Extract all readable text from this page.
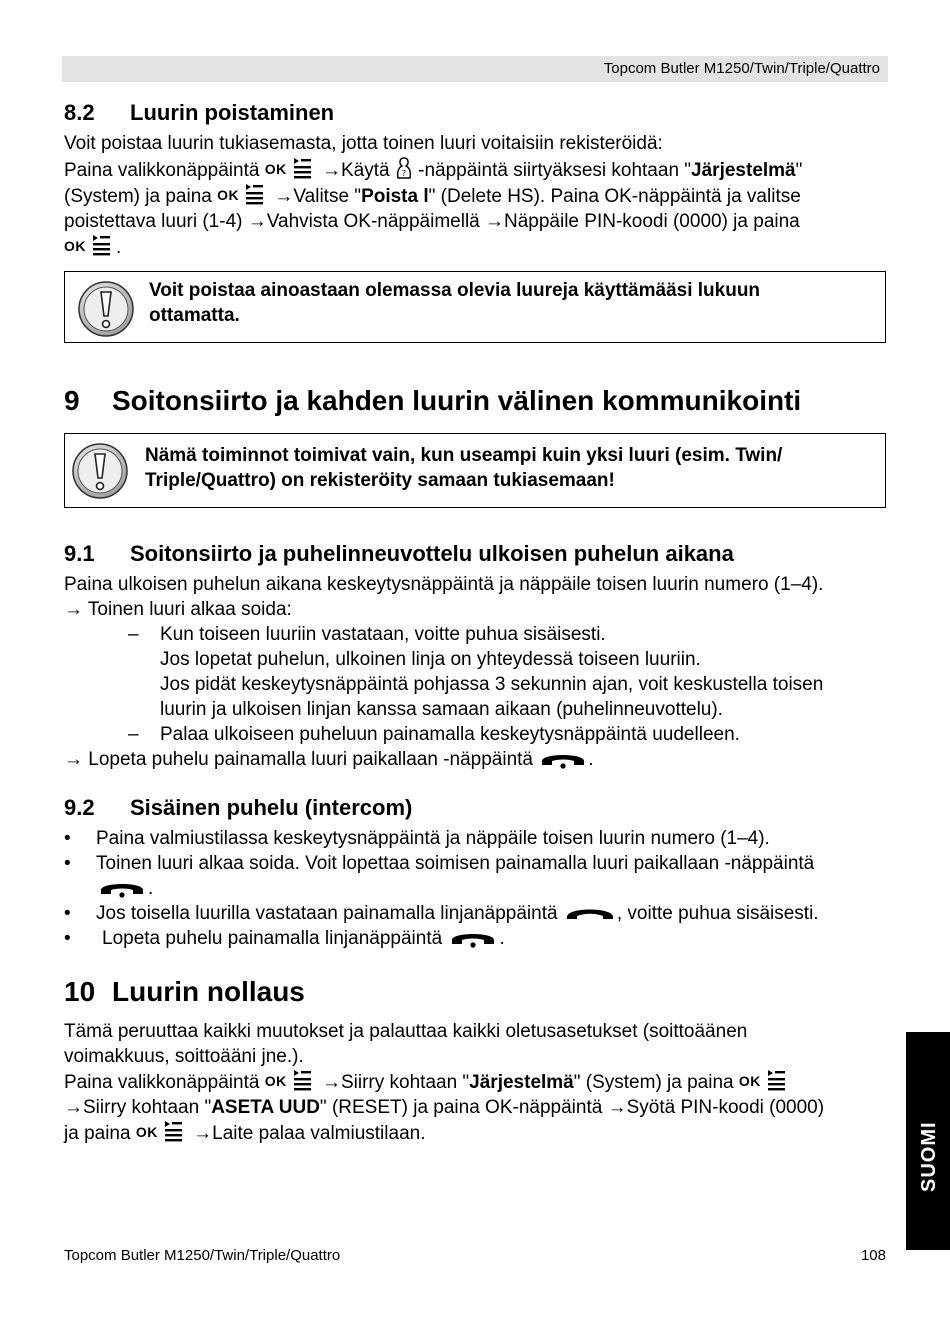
Topcom Butler M1250/Twin/Triple/Quattro
8.2 Luurin poistaminen
Voit poistaa luurin tukiasemasta, jotta toinen luuri voitaisiin rekisteröidä:
Paina valikkonäppäintä OK →Käytä ? -näppäintä siirtyäksesi kohtaan "Järjestelmä"
(System) ja paina OK →Valitse "Poista l" (Delete HS). Paina OK-näppäintä ja valitse
poistettava luuri (1-4) →Vahvista OK-näppäimellä →Näppäile PIN-koodi (0000) ja paina
OK .
Voit poistaa ainoastaan olemassa olevia luureja käyttämääsi lukuun
ottamatta.
9 Soitonsiirto ja kahden luurin välinen kommunikointi
Nämä toiminnot toimivat vain, kun useampi kuin yksi luuri (esim. Twin/
Triple/Quattro) on rekisteröity samaan tukiasemaan!
9.1 Soitonsiirto ja puhelinneuvottelu ulkoisen puhelun aikana
Paina ulkoisen puhelun aikana keskeytysnäppäintä ja näppäile toisen luurin numero (1–4).
→ Toinen luuri alkaa soida:
– Kun toiseen luuriin vastataan, voitte puhua sisäisesti.
Jos lopetat puhelun, ulkoinen linja on yhteydessä toiseen luuriin.
Jos pidät keskeytysnäppäintä pohjassa 3 sekunnin ajan, voit keskustella toisen
luurin ja ulkoisen linjan kanssa samaan aikaan (puhelinneuvottelu).
– Palaa ulkoiseen puheluun painamalla keskeytysnäppäintä uudelleen.
→ Lopeta puhelu painamalla luuri paikallaan -näppäintä	.
9.2 Sisäinen puhelu (intercom)
• Paina valmiustilassa keskeytysnäppäintä ja näppäile toisen luurin numero (1–4).
• Toinen luuri alkaa soida. Voit lopettaa soimisen painamalla luuri paikallaan -näppäintä
.
• Jos toisella luurilla vastataan painamalla linjanäppäintä	, voitte puhua sisäisesti.
• Lopeta puhelu painamalla linjanäppäintä	.
10 Luurin nollaus
Tämä peruuttaa kaikki muutokset ja palauttaa kaikki oletusasetukset (soittoäänen
voimakkuus, soittoääni jne.).
Paina valikkonäppäintä OK →Siirry kohtaan "Järjestelmä" (System) ja paina OK
→Siirry kohtaan "ASETA UUD" (RESET) ja paina OK-näppäintä →Syötä PIN-koodi (0000)
ja paina OK →Laite palaa valmiustilaan.	SUOMI
Topcom Butler M1250/Twin/Triple/Quattro	108
